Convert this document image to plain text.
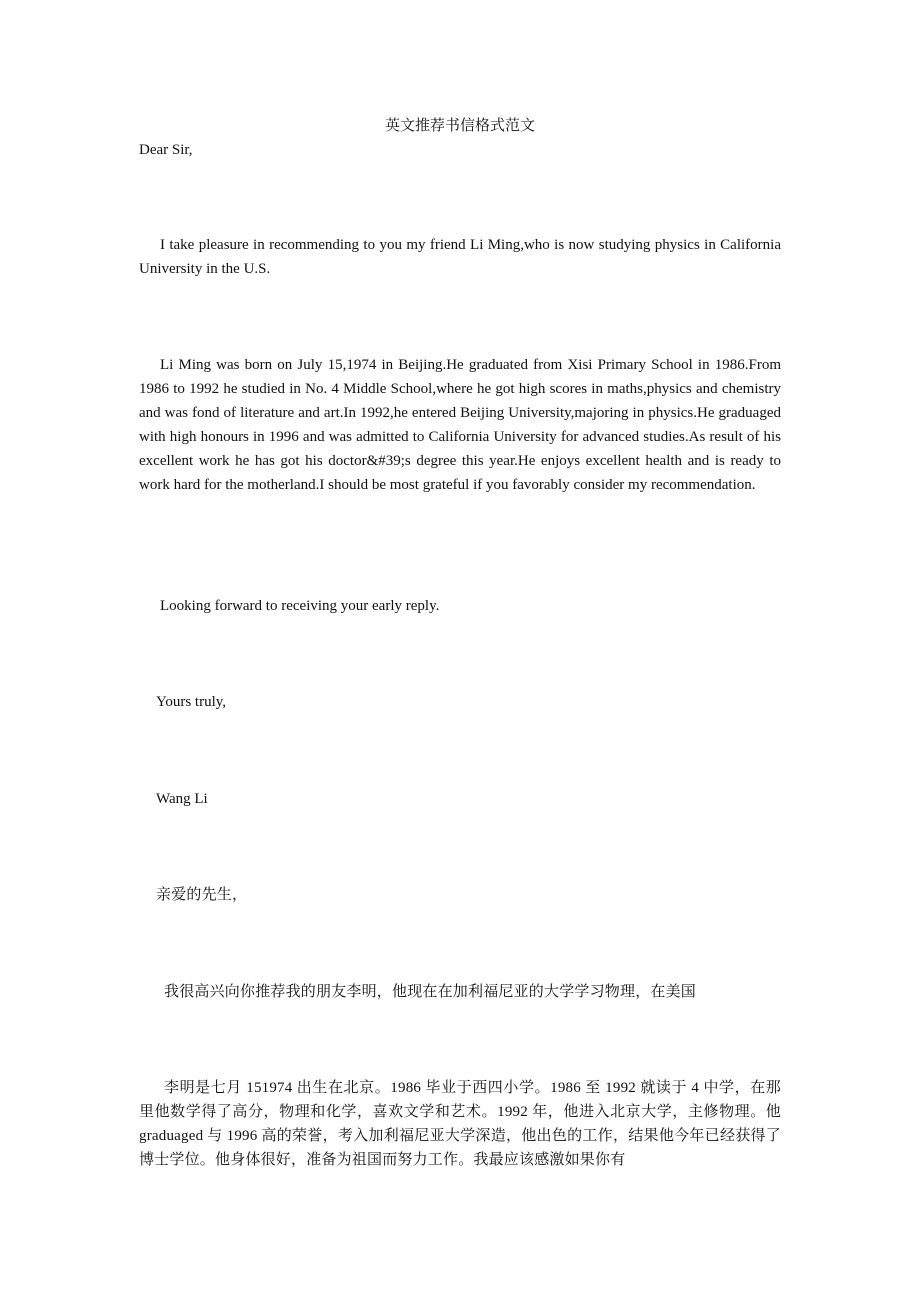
英文推荐书信格式范文

Dear Sir,

I take pleasure in recommending to you my friend Li Ming,who is now studying physics in California University in the U.S.

Li Ming was born on July 15,1974 in Beijing.He graduated from Xisi Primary School in 1986.From 1986 to 1992 he studied in No. 4 Middle School,where he got high scores in maths,physics and chemistry and was fond of literature and art.In 1992,he entered Beijing University,majoring in physics.He graduaged with high honours in 1996 and was admitted to California University for advanced studies.As result of his excellent work he has got his doctor&#39;s degree this year.He enjoys excellent health and is ready to work hard for the motherland.I should be most grateful if you favorably consider my recommendation.

Looking forward to receiving your early reply.

Yours truly,

Wang Li

亲爱的先生，

我很高兴向你推荐我的朋友李明，他现在在加利福尼亚的大学学习物理，在美国

李明是七月 151974 出生在北京。1986 毕业于西四小学。1986 至 1992 就读于 4 中学，在那里他数学得了高分，物理和化学，喜欢文学和艺术。1992 年，他进入北京大学，主修物理。他 graduaged 与 1996 高的荣誉，考入加利福尼亚大学深造，他出色的工作，结果他今年已经获得了博士学位。他身体很好，准备为祖国而努力工作。我最应该感激如果你有
